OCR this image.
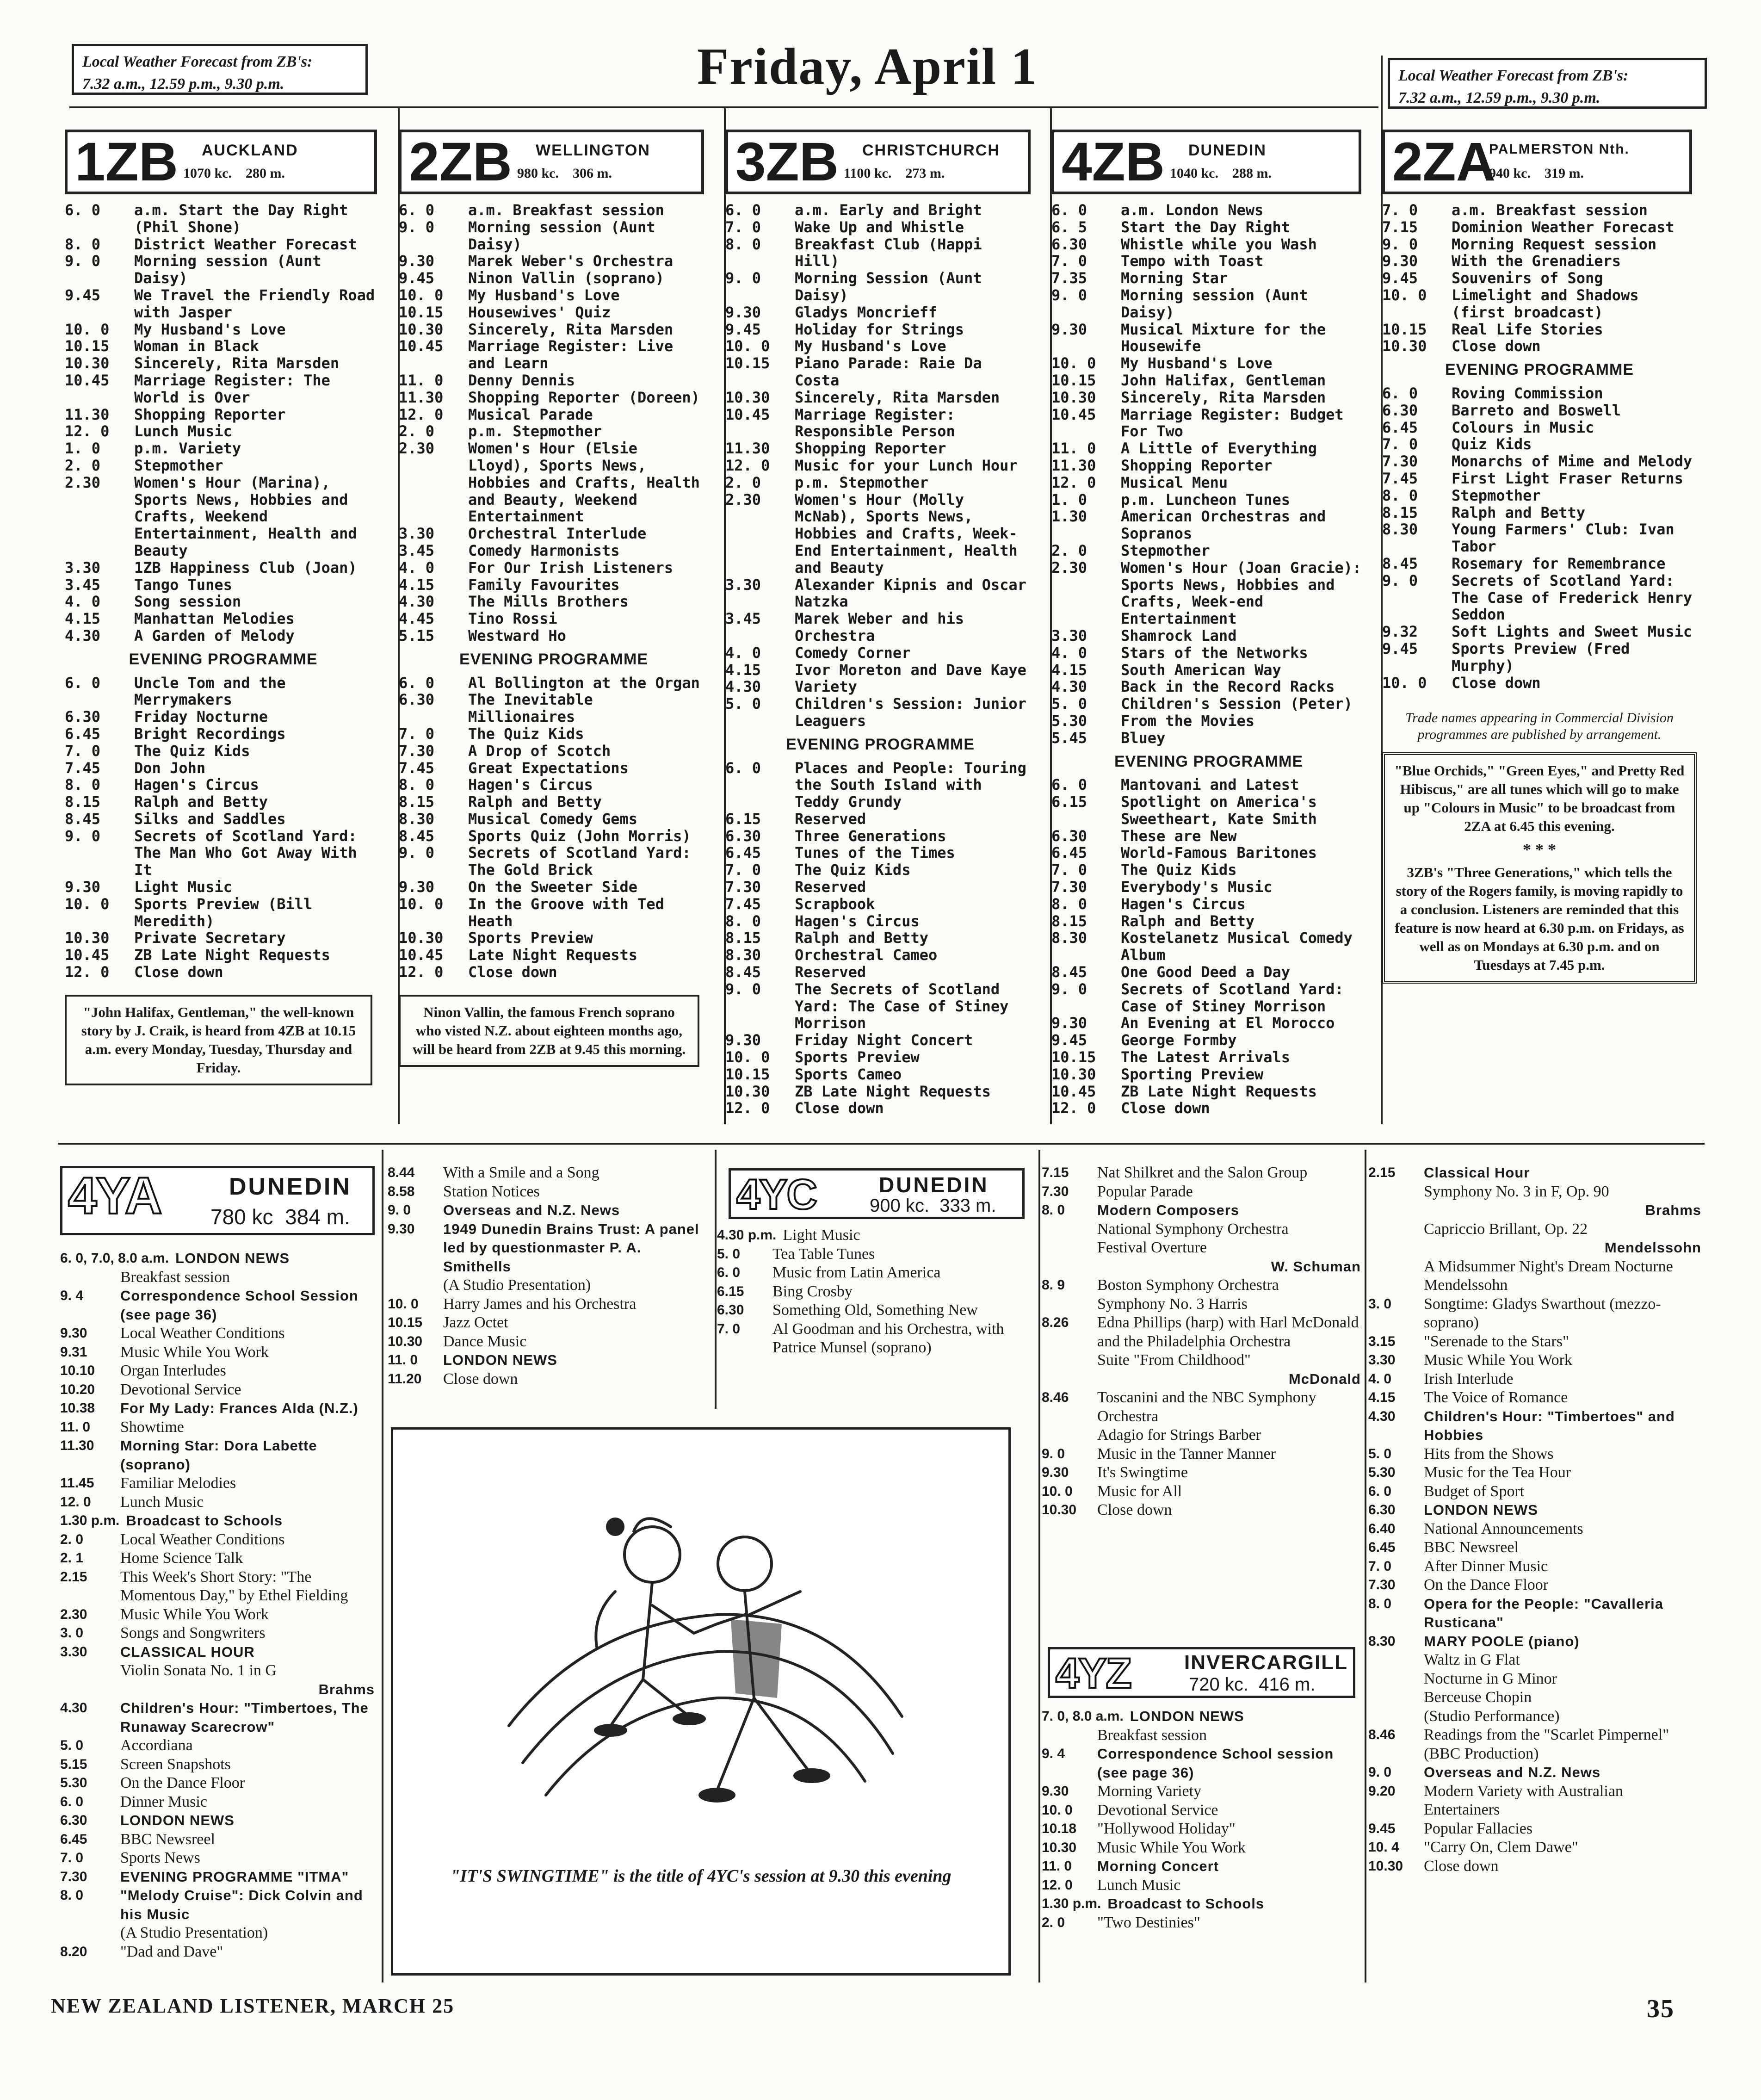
Friday, April 1
Local Weather Forecast from ZB's:
7.32 a.m., 12.59 p.m., 9.30 p.m.	Local Weather Forecast from ZB's:
7.32 a.m., 12.59 p.m., 9.30 p.m.
1ZB AUCKLAND
1070 kc.    280 m.
6. 0	a.m. Start the Day Right (Phil Shone)
8. 0	District Weather Forecast
9. 0	Morning session (Aunt Daisy)
9.45	We Travel the Friendly Road with Jasper
10. 0	My Husband's Love
10.15	Woman in Black
10.30	Sincerely, Rita Marsden
10.45	Marriage Register: The World is Over
11.30	Shopping Reporter
12. 0	Lunch Music
1. 0	p.m. Variety
2. 0	Stepmother
2.30	Women's Hour (Marina), Sports News, Hobbies and Crafts, Weekend Entertainment, Health and Beauty
3.30	1ZB Happiness Club (Joan)
3.45	Tango Tunes
4. 0	Song session
4.15	Manhattan Melodies
4.30	A Garden of Melody
EVENING PROGRAMME
6. 0	Uncle Tom and the Merrymakers
6.30	Friday Nocturne
6.45	Bright Recordings
7. 0	The Quiz Kids
7.45	Don John
8. 0	Hagen's Circus
8.15	Ralph and Betty
8.45	Silks and Saddles
9. 0	Secrets of Scotland Yard: The Man Who Got Away With It
9.30	Light Music
10. 0	Sports Preview (Bill Meredith)
10.30	Private Secretary
10.45	ZB Late Night Requests
12. 0	Close down
"John Halifax, Gentleman," the well-known story by J. Craik, is heard from 4ZB at 10.15 a.m. every Monday, Tuesday, Thursday and Friday.
2ZB WELLINGTON
980 kc.    306 m.
6. 0	a.m. Breakfast session
9. 0	Morning session (Aunt Daisy)
9.30	Marek Weber's Orchestra
9.45	Ninon Vallin (soprano)
10. 0	My Husband's Love
10.15	Housewives' Quiz
10.30	Sincerely, Rita Marsden
10.45	Marriage Register: Live and Learn
11. 0	Denny Dennis
11.30	Shopping Reporter (Doreen)
12. 0	Musical Parade
2. 0	p.m. Stepmother
2.30	Women's Hour (Elsie Lloyd), Sports News, Hobbies and Crafts, Health and Beauty, Weekend Entertainment
3.30	Orchestral Interlude
3.45	Comedy Harmonists
4. 0	For Our Irish Listeners
4.15	Family Favourites
4.30	The Mills Brothers
4.45	Tino Rossi
5.15	Westward Ho
EVENING PROGRAMME
6. 0	Al Bollington at the Organ
6.30	The Inevitable Millionaires
7. 0	The Quiz Kids
7.30	A Drop of Scotch
7.45	Great Expectations
8. 0	Hagen's Circus
8.15	Ralph and Betty
8.30	Musical Comedy Gems
8.45	Sports Quiz (John Morris)
9. 0	Secrets of Scotland Yard: The Gold Brick
9.30	On the Sweeter Side
10. 0	In the Groove with Ted Heath
10.30	Sports Preview
10.45	Late Night Requests
12. 0	Close down
Ninon Vallin, the famous French soprano who visted N.Z. about eighteen months ago, will be heard from 2ZB at 9.45 this morning.
3ZB CHRISTCHURCH
1100 kc.    273 m.
6. 0	a.m. Early and Bright
7. 0	Wake Up and Whistle
8. 0	Breakfast Club (Happi Hill)
9. 0	Morning Session (Aunt Daisy)
9.30	Gladys Moncrieff
9.45	Holiday for Strings
10. 0	My Husband's Love
10.15	Piano Parade: Raie Da Costa
10.30	Sincerely, Rita Marsden
10.45	Marriage Register: Responsible Person
11.30	Shopping Reporter
12. 0	Music for your Lunch Hour
2. 0	p.m. Stepmother
2.30	Women's Hour (Molly McNab), Sports News, Hobbies and Crafts, Week-End Entertainment, Health and Beauty
3.30	Alexander Kipnis and Oscar Natzka
3.45	Marek Weber and his Orchestra
4. 0	Comedy Corner
4.15	Ivor Moreton and Dave Kaye
4.30	Variety
5. 0	Children's Session: Junior Leaguers
EVENING PROGRAMME
6. 0	Places and People: Touring the South Island with Teddy Grundy
6.15	Reserved
6.30	Three Generations
6.45	Tunes of the Times
7. 0	The Quiz Kids
7.30	Reserved
7.45	Scrapbook
8. 0	Hagen's Circus
8.15	Ralph and Betty
8.30	Orchestral Cameo
8.45	Reserved
9. 0	The Secrets of Scotland Yard: The Case of Stiney Morrison
9.30	Friday Night Concert
10. 0	Sports Preview
10.15	Sports Cameo
10.30	ZB Late Night Requests
12. 0	Close down
4ZB DUNEDIN
1040 kc.    288 m.
6. 0	a.m. London News
6. 5	Start the Day Right
6.30	Whistle while you Wash
7. 0	Tempo with Toast
7.35	Morning Star
9. 0	Morning session (Aunt Daisy)
9.30	Musical Mixture for the Housewife
10. 0	My Husband's Love
10.15	John Halifax, Gentleman
10.30	Sincerely, Rita Marsden
10.45	Marriage Register: Budget For Two
11. 0	A Little of Everything
11.30	Shopping Reporter
12. 0	Musical Menu
1. 0	p.m. Luncheon Tunes
1.30	American Orchestras and Sopranos
2. 0	Stepmother
2.30	Women's Hour (Joan Gracie): Sports News, Hobbies and Crafts, Week-end Entertainment
3.30	Shamrock Land
4. 0	Stars of the Networks
4.15	South American Way
4.30	Back in the Record Racks
5. 0	Children's Session (Peter)
5.30	From the Movies
5.45	Bluey
EVENING PROGRAMME
6. 0	Mantovani and Latest
6.15	Spotlight on America's Sweetheart, Kate Smith
6.30	These are New
6.45	World-Famous Baritones
7. 0	The Quiz Kids
7.30	Everybody's Music
8. 0	Hagen's Circus
8.15	Ralph and Betty
8.30	Kostelanetz Musical Comedy Album
8.45	One Good Deed a Day
9. 0	Secrets of Scotland Yard: Case of Stiney Morrison
9.30	An Evening at El Morocco
9.45	George Formby
10.15	The Latest Arrivals
10.30	Sporting Preview
10.45	ZB Late Night Requests
12. 0	Close down
2ZA
PALMERSTON Nth.
940 kc.    319 m.
7. 0	a.m. Breakfast session
7.15	Dominion Weather Forecast
9. 0	Morning Request session
9.30	With the Grenadiers
9.45	Souvenirs of Song
10. 0	Limelight and Shadows (first broadcast)
10.15	Real Life Stories
10.30	Close down
EVENING PROGRAMME
6. 0	Roving Commission
6.30	Barreto and Boswell
6.45	Colours in Music
7. 0	Quiz Kids
7.30	Monarchs of Mime and Melody
7.45	First Light Fraser Returns
8. 0	Stepmother
8.15	Ralph and Betty
8.30	Young Farmers' Club: Ivan Tabor
8.45	Rosemary for Remembrance
9. 0	Secrets of Scotland Yard: The Case of Frederick Henry Seddon
9.32	Soft Lights and Sweet Music
9.45	Sports Preview (Fred Murphy)
10. 0	Close down
Trade names appearing in Commercial Division programmes are published by arrangement.
"Blue Orchids," "Green Eyes," and Pretty Red Hibiscus," are all tunes which will go to make up "Colours in Music" to be broadcast from 2ZA at 6.45 this evening.
* * *
3ZB's "Three Generations," which tells the story of the Rogers family, is moving rapidly to a conclusion. Listeners are reminded that this feature is now heard at 6.30 p.m. on Fridays, as well as on Mondays at 6.30 p.m. and on Tuesdays at 7.45 p.m.
4YA	DUNEDIN
780 kc  384 m.
6. 0, 7.0, 8.0 a.m. LONDON NEWS
Breakfast session
9. 4	Correspondence School Session (see page 36)
9.30	Local Weather Conditions
9.31	Music While You Work
10.10	Organ Interludes
10.20	Devotional Service
10.38	For My Lady: Frances Alda (N.Z.)
11. 0	Showtime
11.30	Morning Star: Dora Labette (soprano)
11.45	Familiar Melodies
12. 0	Lunch Music
1.30 p.m. Broadcast to Schools
2. 0	Local Weather Conditions
2. 1	Home Science Talk
2.15	This Week's Short Story: "The Momentous Day," by Ethel Fielding
2.30	Music While You Work
3. 0	Songs and Songwriters
3.30	CLASSICAL HOUR
Violin Sonata No. 1 in G
Brahms
4.30	Children's Hour: "Timbertoes, The Runaway Scarecrow"
5. 0	Accordiana
5.15	Screen Snapshots
5.30	On the Dance Floor
6. 0	Dinner Music
6.30	LONDON NEWS
6.45	BBC Newsreel
7. 0	Sports News
7.30	EVENING PROGRAMME "ITMA"
8. 0	"Melody Cruise": Dick Colvin and his Music
(A Studio Presentation)
8.20	"Dad and Dave"
8.44	With a Smile and a Song
8.58	Station Notices
9. 0	Overseas and N.Z. News
9.30	1949 Dunedin Brains Trust: A panel led by questionmaster P. A. Smithells
(A Studio Presentation)
10. 0	Harry James and his Orchestra
10.15	Jazz Octet
10.30	Dance Music
11. 0	LONDON NEWS
11.20	Close down
4YC	DUNEDIN
900 kc.  333 m.
4.30 p.m. Light Music
5. 0	Tea Table Tunes
6. 0	Music from Latin America
6.15	Bing Crosby
6.30	Something Old, Something New
7. 0	Al Goodman and his Orchestra, with Patrice Munsel (soprano)
7.15	Nat Shilkret and the Salon Group
7.30	Popular Parade
8. 0	Modern Composers
National Symphony Orchestra
Festival Overture
W. Schuman
8. 9	Boston Symphony Orchestra
Symphony No. 3 Harris
8.26	Edna Phillips (harp) with Harl McDonald and the Philadelphia Orchestra
Suite "From Childhood"
McDonald
8.46	Toscanini and the NBC Symphony Orchestra
Adagio for Strings Barber
9. 0	Music in the Tanner Manner
9.30	It's Swingtime
10. 0	Music for All
10.30	Close down
4YZ	INVERCARGILL
720 kc.  416 m.
7. 0, 8.0 a.m. LONDON NEWS
Breakfast session
9. 4	Correspondence School session (see page 36)
9.30	Morning Variety
10. 0	Devotional Service
10.18	"Hollywood Holiday"
10.30	Music While You Work
11. 0	Morning Concert
12. 0	Lunch Music
1.30 p.m. Broadcast to Schools
2. 0	"Two Destinies"
2.15	Classical Hour
Symphony No. 3 in F, Op. 90
Brahms
Capriccio Brillant, Op. 22
Mendelssohn
A Midsummer Night's Dream Nocturne Mendelssohn
3. 0	Songtime: Gladys Swarthout (mezzo-soprano)
3.15	"Serenade to the Stars"
3.30	Music While You Work
4. 0	Irish Interlude
4.15	The Voice of Romance
4.30	Children's Hour: "Timbertoes" and Hobbies
5. 0	Hits from the Shows
5.30	Music for the Tea Hour
6. 0	Budget of Sport
6.30	LONDON NEWS
6.40	National Announcements
6.45	BBC Newsreel
7. 0	After Dinner Music
7.30	On the Dance Floor
8. 0	Opera for the People: "Cavalleria Rusticana"
8.30	MARY POOLE (piano)
Waltz in G Flat
Nocturne in G Minor
Berceuse Chopin
(Studio Performance)
8.46	Readings from the "Scarlet Pimpernel"
(BBC Production)
9. 0	Overseas and N.Z. News
9.20	Modern Variety with Australian Entertainers
9.45	Popular Fallacies
10. 4	"Carry On, Clem Dawe"
10.30	Close down
"IT'S SWINGTIME" is the title of 4YC's session at 9.30 this evening
NEW ZEALAND LISTENER, MARCH 25	35
